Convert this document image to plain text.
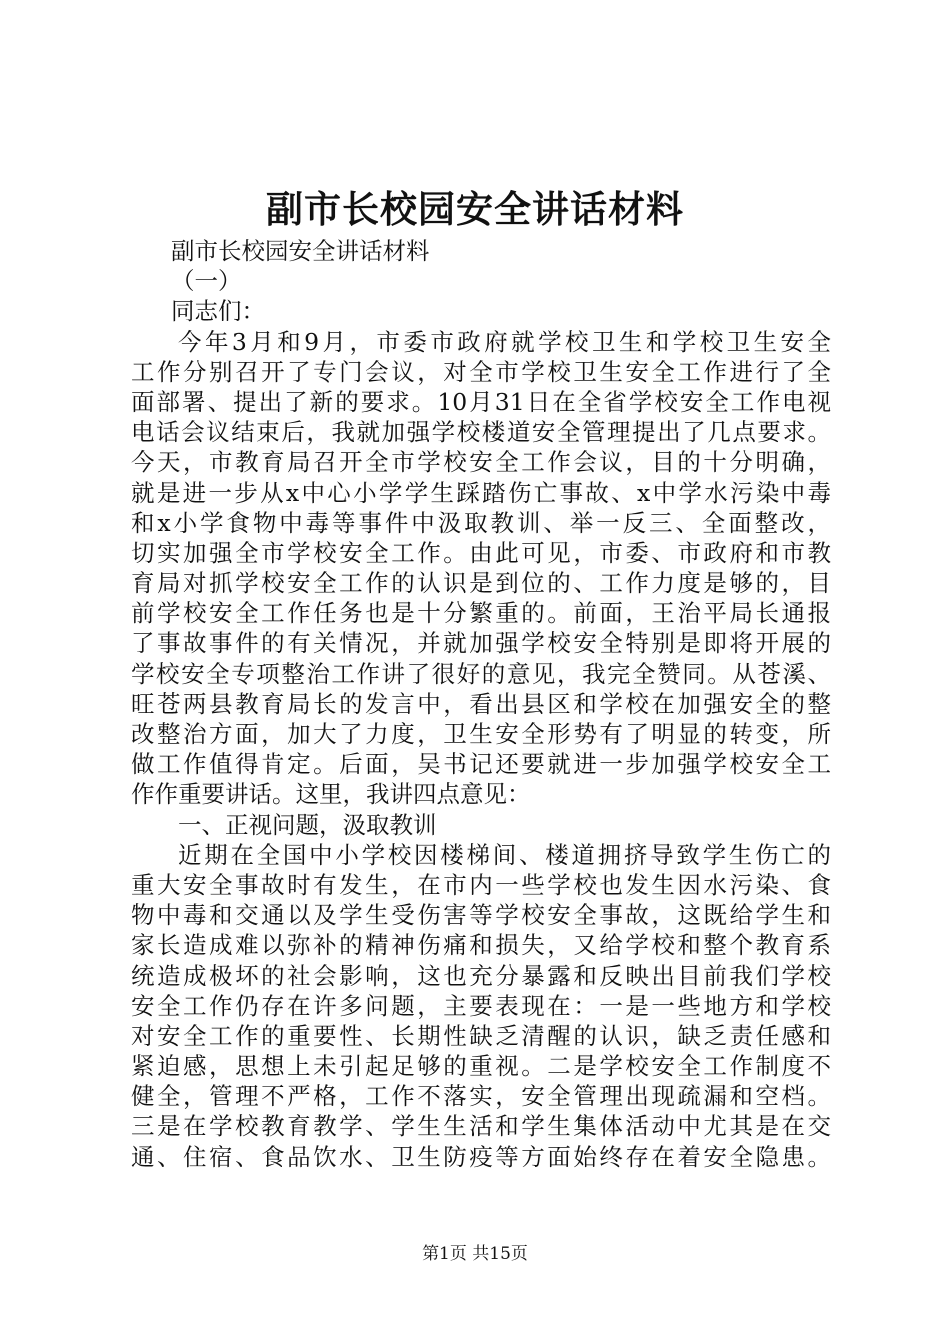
副市长校园安全讲话材料
副市长校园安全讲话材料
（一）
同志们：
今年3月和9月，市委市政府就学校卫生和学校卫生安全
工作分别召开了专门会议，对全市学校卫生安全工作进行了全
面部署、提出了新的要求。10月31日在全省学校安全工作电视
电话会议结束后，我就加强学校楼道安全管理提出了几点要求。
今天，市教育局召开全市学校安全工作会议，目的十分明确，
就是进一步从x中心小学学生踩踏伤亡事故、x中学水污染中毒
和x小学食物中毒等事件中汲取教训、举一反三、全面整改，
切实加强全市学校安全工作。由此可见，市委、市政府和市教
育局对抓学校安全工作的认识是到位的、工作力度是够的，目
前学校安全工作任务也是十分繁重的。前面，王治平局长通报
了事故事件的有关情况，并就加强学校安全特别是即将开展的
学校安全专项整治工作讲了很好的意见，我完全赞同。从苍溪、
旺苍两县教育局长的发言中，看出县区和学校在加强安全的整
改整治方面，加大了力度，卫生安全形势有了明显的转变，所
做工作值得肯定。后面，吴书记还要就进一步加强学校安全工
作作重要讲话。这里，我讲四点意见：
一、正视问题，汲取教训
近期在全国中小学校因楼梯间、楼道拥挤导致学生伤亡的
重大安全事故时有发生，在市内一些学校也发生因水污染、食
物中毒和交通以及学生受伤害等学校安全事故，这既给学生和
家长造成难以弥补的精神伤痛和损失，又给学校和整个教育系
统造成极坏的社会影响，这也充分暴露和反映出目前我们学校
安全工作仍存在许多问题，主要表现在：一是一些地方和学校
对安全工作的重要性、长期性缺乏清醒的认识，缺乏责任感和
紧迫感，思想上未引起足够的重视。二是学校安全工作制度不
健全，管理不严格，工作不落实，安全管理出现疏漏和空档。
三是在学校教育教学、学生生活和学生集体活动中尤其是在交
通、住宿、食品饮水、卫生防疫等方面始终存在着安全隐患。
第1页 共15页
